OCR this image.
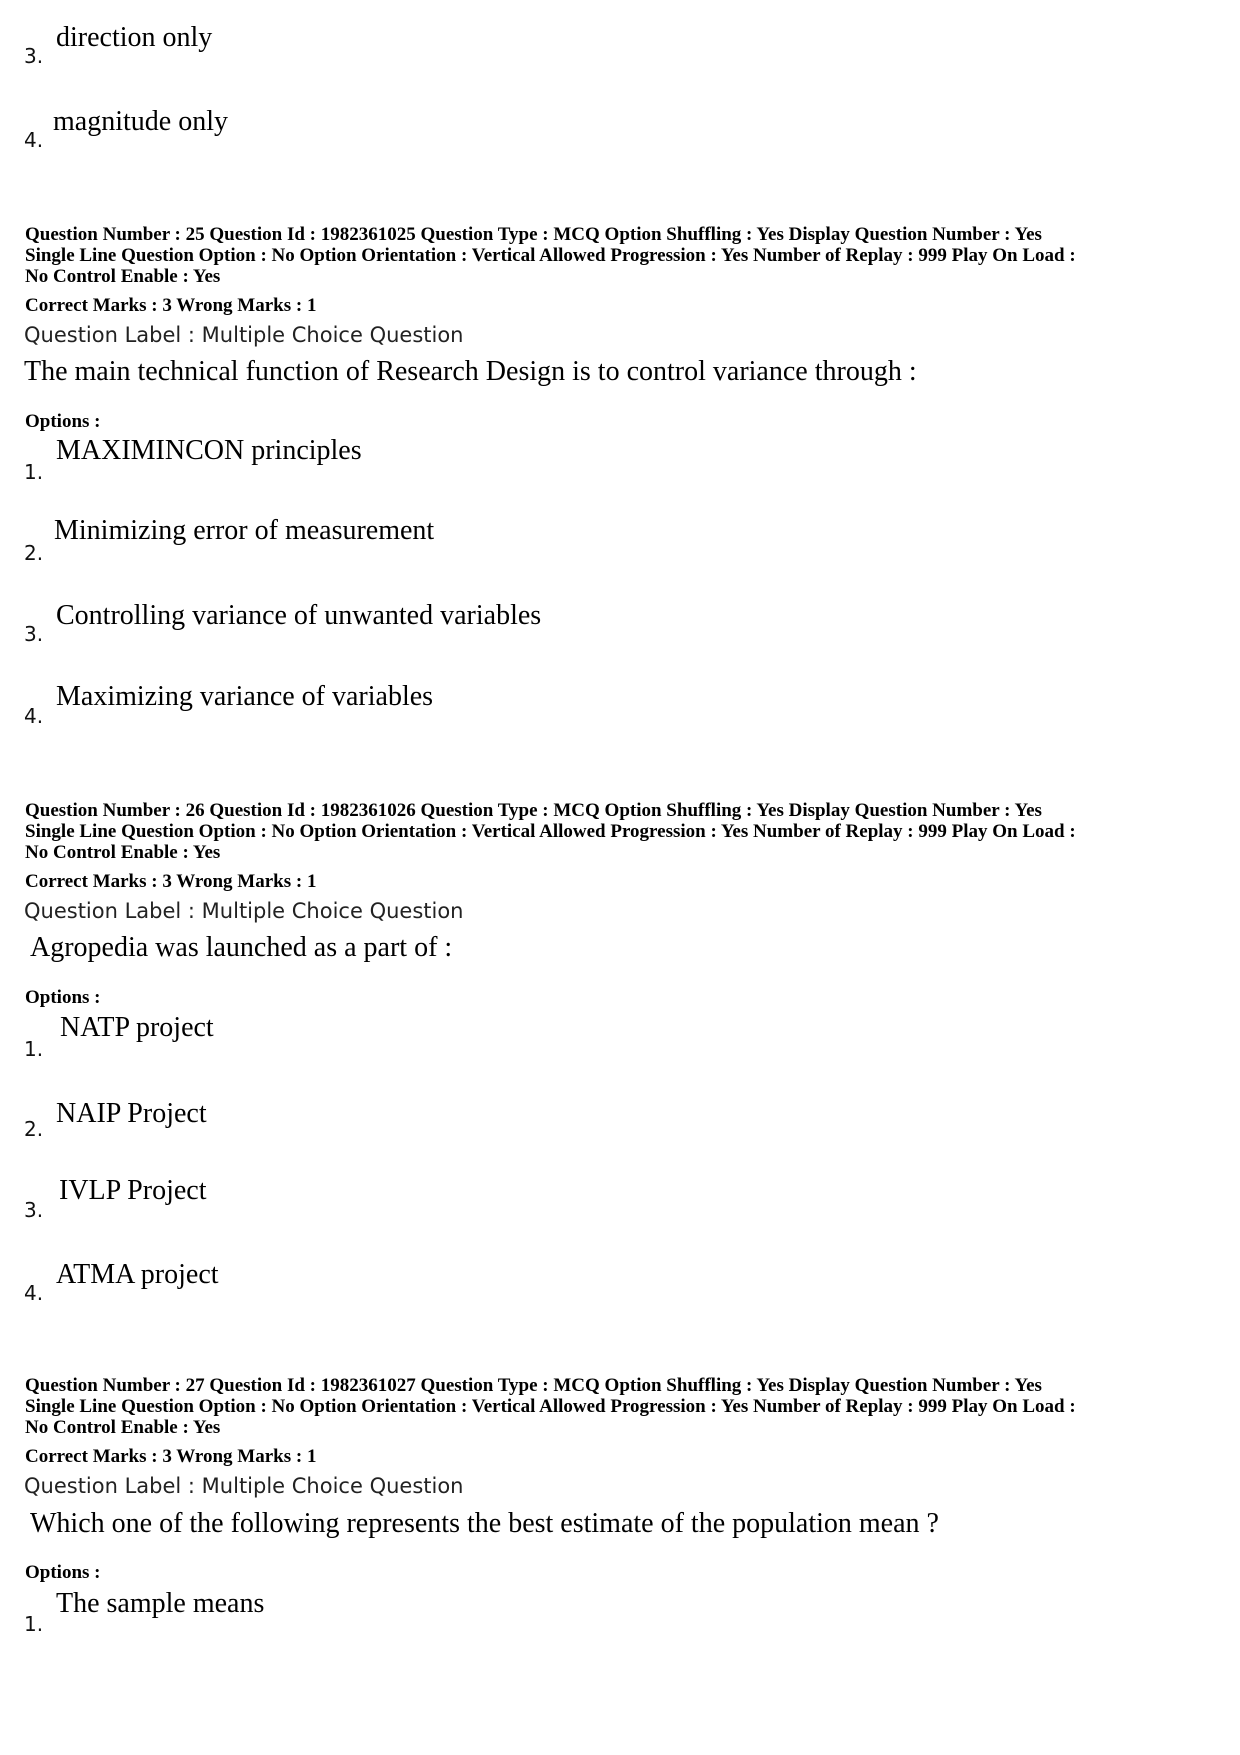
3.
direction only
4.
magnitude only
Question Number : 25 Question Id : 1982361025 Question Type : MCQ Option Shuffling : Yes Display Question Number : Yes
Single Line Question Option : No Option Orientation : Vertical Allowed Progression : Yes Number of Replay : 999 Play On Load :
No Control Enable : Yes
Correct Marks : 3 Wrong Marks : 1
Question Label : Multiple Choice Question
The main technical function of Research Design is to control variance through :
Options :
1.
MAXIMINCON principles
2.
Minimizing error of measurement
3.
Controlling variance of unwanted variables
4.
Maximizing variance of variables
Question Number : 26 Question Id : 1982361026 Question Type : MCQ Option Shuffling : Yes Display Question Number : Yes
Single Line Question Option : No Option Orientation : Vertical Allowed Progression : Yes Number of Replay : 999 Play On Load :
No Control Enable : Yes
Correct Marks : 3 Wrong Marks : 1
Question Label : Multiple Choice Question
Agropedia was launched as a part of :
Options :
1.
NATP project
2. NAIP Project
3.
IVLP Project
4.
ATMA project
Question Number : 27 Question Id : 1982361027 Question Type : MCQ Option Shuffling : Yes Display Question Number : Yes
Single Line Question Option : No Option Orientation : Vertical Allowed Progression : Yes Number of Replay : 999 Play On Load :
No Control Enable : Yes
Correct Marks : 3 Wrong Marks : 1
Question Label : Multiple Choice Question
Which one of the following represents the best estimate of the population mean ?
Options :
1.
The sample means
